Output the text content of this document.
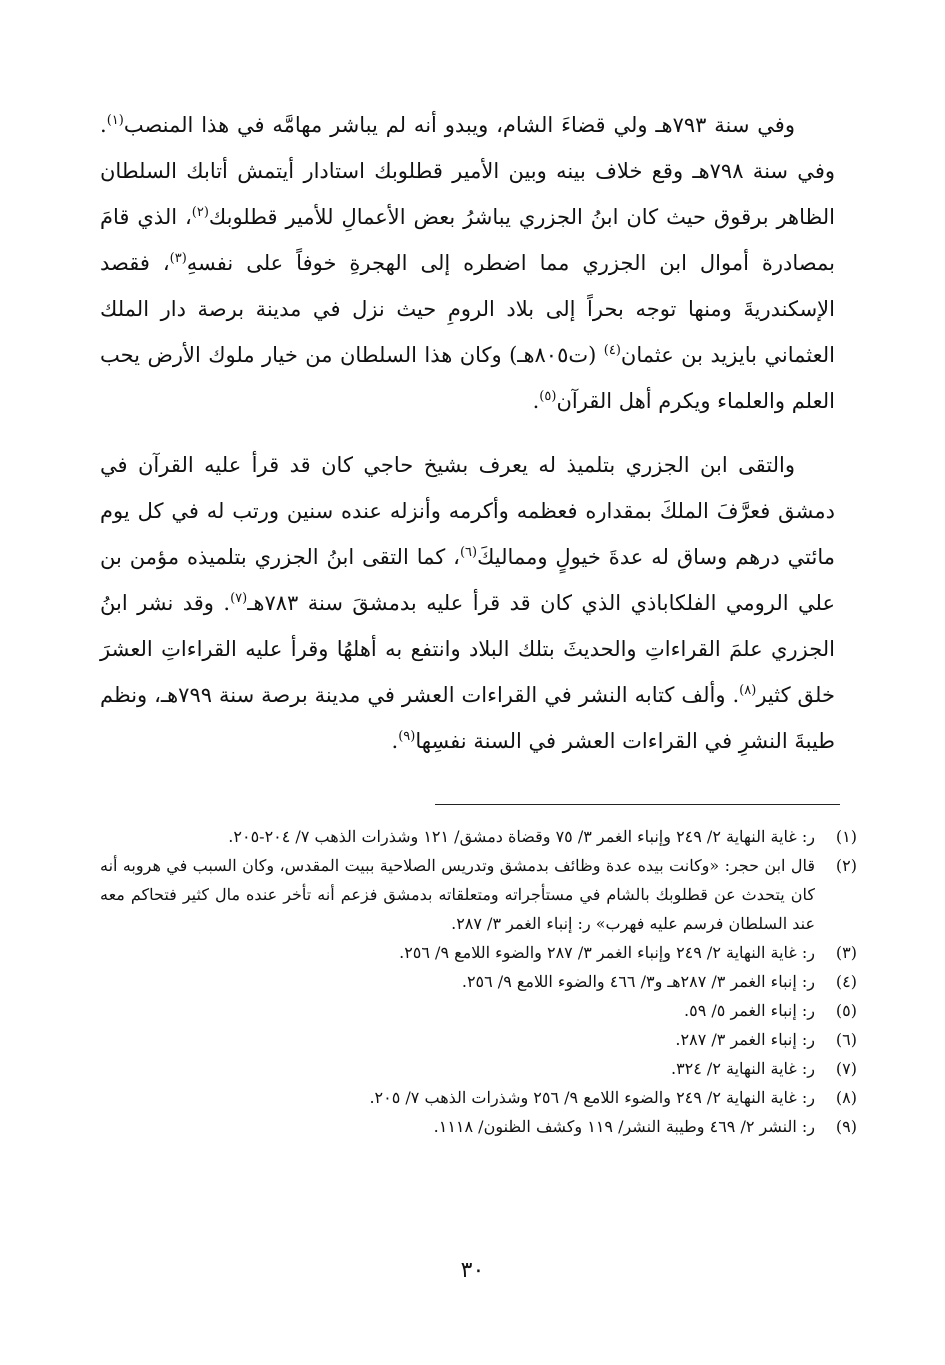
وفي سنة ٧٩٣هـ ولي قضاءَ الشام، ويبدو أنه لم يباشر مهامَّه في هذا المنصب$^{(١)}$. وفي سنة ٧٩٨هـ وقع خلاف بينه وبين الأمير قطلوبك استادار أيتمش أتابك السلطان الظاهر برقوق حيث كان ابنُ الجزري يباشرُ بعض الأعمالِ للأمير قطلوبك$^{(٢)}$، الذي قامَ بمصادرة أموال ابن الجزري مما اضطره إلى الهجرةِ خوفاً على نفسهِ$^{(٣)}$، فقصد الإسكندريةَ ومنها توجه بحراً إلى بلاد الرومِ حيث نزل في مدينة برصة دار الملك العثماني بايزيد بن عثمان$^{(٤)}$ (ت٨٠٥هـ) وكان هذا السلطان من خيار ملوك الأرض يحب العلم والعلماء ويكرم أهل القرآن$^{(٥)}$.

والتقى ابن الجزري بتلميذ له يعرف بشيخ حاجي كان قد قرأ عليه القرآن في دمشق فعرَّفَ الملكَ بمقداره فعظمه وأكرمه وأنزله عنده سنين ورتب له في كل يوم مائتي درهم وساق له عدةَ خيولٍ ومماليكَ$^{(٦)}$، كما التقى ابنُ الجزري بتلميذه مؤمن بن علي الرومي الفلكاباذي الذي كان قد قرأ عليه بدمشقَ سنة ٧٨٣هـ$^{(٧)}$. وقد نشر ابنُ الجزري علمَ القراءاتِ والحديثَ بتلك البلاد وانتفع به أهلهُا وقرأ عليه القراءاتِ العشرَ خلق كثير$^{(٨)}$. وألف كتابه النشر في القراءات العشر في مدينة برصة سنة ٧٩٩هـ، ونظم طيبةَ النشرِ في القراءات العشر في السنة نفسِها$^{(٩)}$.

(١)
ر: غاية النهاية ٢/ ٢٤٩ وإنباء الغمر ٣/ ٧٥ وقضاة دمشق/ ١٢١ وشذرات الذهب ٧/ ٢٠٤-٢٠٥.
(٢)
قال ابن حجر: «وكانت بيده عدة وظائف بدمشق وتدريس الصلاحية ببيت المقدس، وكان السبب في هروبه أنه كان يتحدث عن قطلوبك بالشام في مستأجراته ومتعلقاته بدمشق فزعم أنه تأخر عنده مال كثير فتحاكم معه عند السلطان فرسم عليه فهرب» ر: إنباء الغمر ٣/ ٢٨٧.
(٣)
ر: غاية النهاية ٢/ ٢٤٩ وإنباء الغمر ٣/ ٢٨٧ والضوء اللامع ٩/ ٢٥٦.
(٤)
ر: إنباء الغمر ٣/ ٢٨٧هـ و٣/ ٤٦٦ والضوء اللامع ٩/ ٢٥٦.
(٥)
ر: إنباء الغمر ٥/ ٥٩.
(٦)
ر: إنباء الغمر ٣/ ٢٨٧.
(٧)
ر: غاية النهاية ٢/ ٣٢٤.
(٨)
ر: غاية النهاية ٢/ ٢٤٩ والضوء اللامع ٩/ ٢٥٦ وشذرات الذهب ٧/ ٢٠٥.
(٩)
ر: النشر ٢/ ٤٦٩ وطيبة النشر/ ١١٩ وكشف الظنون/ ١١١٨.
٣٠
